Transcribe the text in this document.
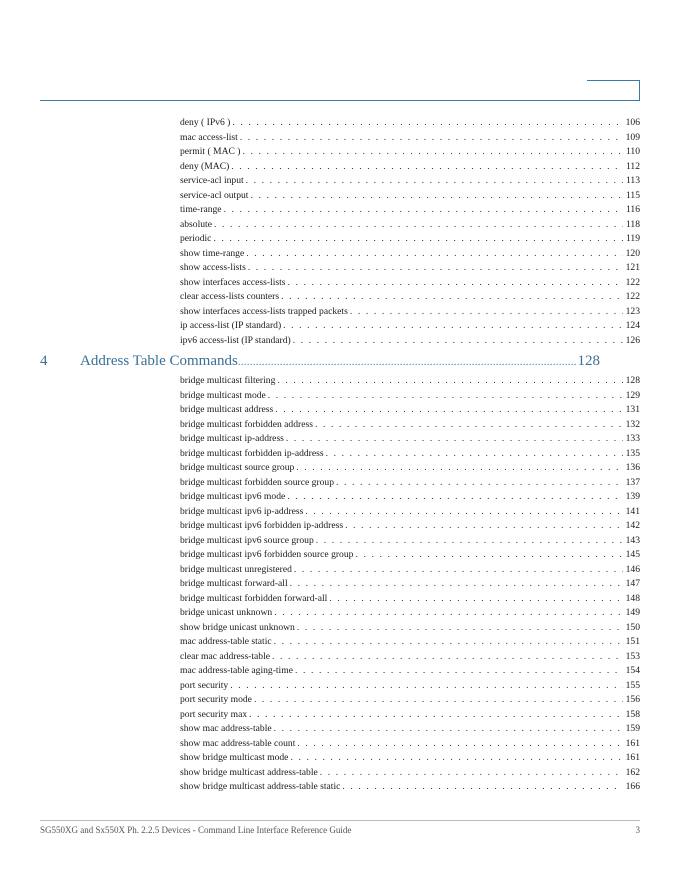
deny ( IPv6 ) . . .	106
mac access-list . . .	109
permit ( MAC ) . . .	110
deny (MAC) . . .	112
service-acl input . . .	113
service-acl output . . .	115
time-range . . .	116
absolute . . .	118
periodic . . .	119
show time-range . . .	120
show access-lists . . .	121
show interfaces access-lists . . .	122
clear access-lists counters . . .	122
show interfaces access-lists trapped packets . . .	123
ip access-list (IP standard) . . .	124
ipv6 access-list (IP standard) . . .	126
4 Address Table Commands .....	128
bridge multicast filtering . . .	128
bridge multicast mode . . .	129
bridge multicast address . . .	131
bridge multicast forbidden address . . .	132
bridge multicast ip-address . . .	133
bridge multicast forbidden ip-address . . .	135
bridge multicast source group . . .	136
bridge multicast forbidden source group . . .	137
bridge multicast ipv6 mode . . .	139
bridge multicast ipv6 ip-address . . .	141
bridge multicast ipv6 forbidden ip-address . . .	142
bridge multicast ipv6 source group . . .	143
bridge multicast ipv6 forbidden source group . . .	145
bridge multicast unregistered . . .	146
bridge multicast forward-all . . .	147
bridge multicast forbidden forward-all . . .	148
bridge unicast unknown . . .	149
show bridge unicast unknown . . .	150
mac address-table static . . .	151
clear mac address-table . . .	153
mac address-table aging-time . . .	154
port security . . .	155
port security mode . . .	156
port security max . . .	158
show mac address-table . . .	159
show mac address-table count . . .	161
show bridge multicast mode . . .	161
show bridge multicast address-table . . .	162
show bridge multicast address-table static . . .	166
SG550XG and Sx550X Ph. 2.2.5 Devices - Command Line Interface Reference Guide	3
